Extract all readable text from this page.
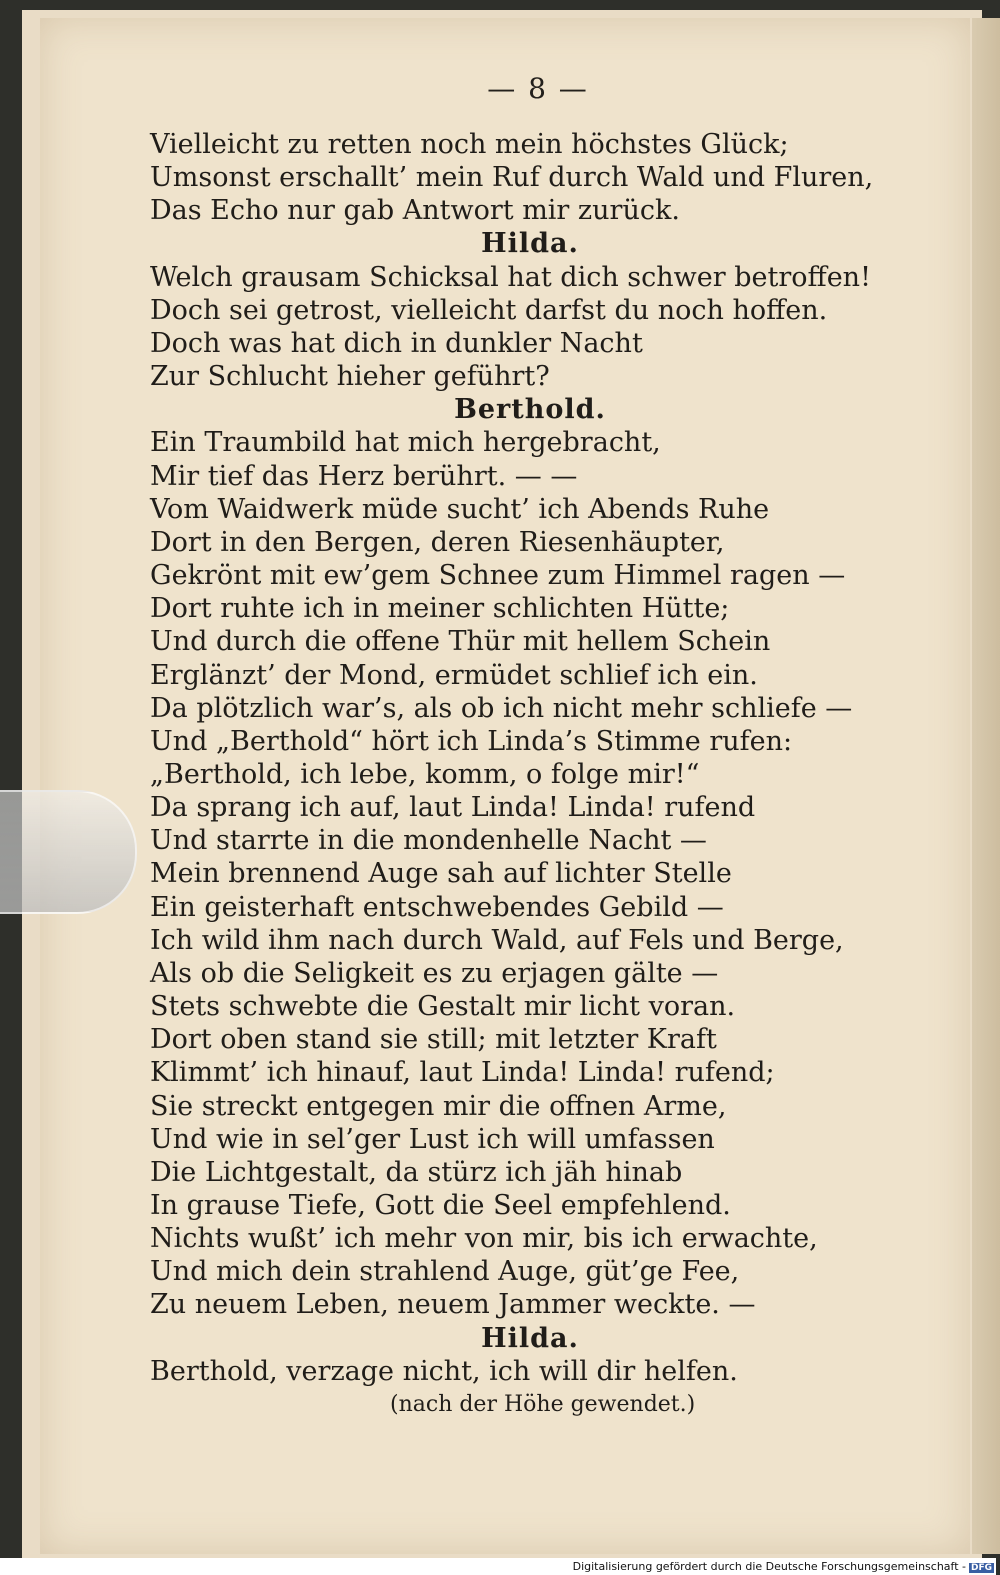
— 8 —
Vielleicht zu retten noch mein höchstes Glück;
Umsonst erschallt’ mein Ruf durch Wald und Fluren,
Das Echo nur gab Antwort mir zurück.
Hilda.
Welch grausam Schicksal hat dich schwer betroffen!
Doch sei getrost, vielleicht darfst du noch hoffen.
Doch was hat dich in dunkler Nacht
Zur Schlucht hieher geführt?
Berthold.
Ein Traumbild hat mich hergebracht,
Mir tief das Herz berührt. — —
Vom Waidwerk müde sucht’ ich Abends Ruhe
Dort in den Bergen, deren Riesenhäupter,
Gekrönt mit ew’gem Schnee zum Himmel ragen —
Dort ruhte ich in meiner schlichten Hütte;
Und durch die offene Thür mit hellem Schein
Erglänzt’ der Mond, ermüdet schlief ich ein.
Da plötzlich war’s, als ob ich nicht mehr schliefe —
Und „Berthold“ hört ich Linda’s Stimme rufen:
„Berthold, ich lebe, komm, o folge mir!“
Da sprang ich auf, laut Linda! Linda! rufend
Und starrte in die mondenhelle Nacht —
Mein brennend Auge sah auf lichter Stelle
Ein geisterhaft entschwebendes Gebild —
Ich wild ihm nach durch Wald, auf Fels und Berge,
Als ob die Seligkeit es zu erjagen gälte —
Stets schwebte die Gestalt mir licht voran.
Dort oben stand sie still; mit letzter Kraft
Klimmt’ ich hinauf, laut Linda! Linda! rufend;
Sie streckt entgegen mir die offnen Arme,
Und wie in sel’ger Lust ich will umfassen
Die Lichtgestalt, da stürz ich jäh hinab
In grause Tiefe, Gott die Seel empfehlend.
Nichts wußt’ ich mehr von mir, bis ich erwachte,
Und mich dein strahlend Auge, güt’ge Fee,
Zu neuem Leben, neuem Jammer weckte. —
Hilda.
Berthold, verzage nicht, ich will dir helfen.
(nach der Höhe gewendet.)
Digitalisierung gefördert durch die Deutsche Forschungsgemeinschaft - DFG
